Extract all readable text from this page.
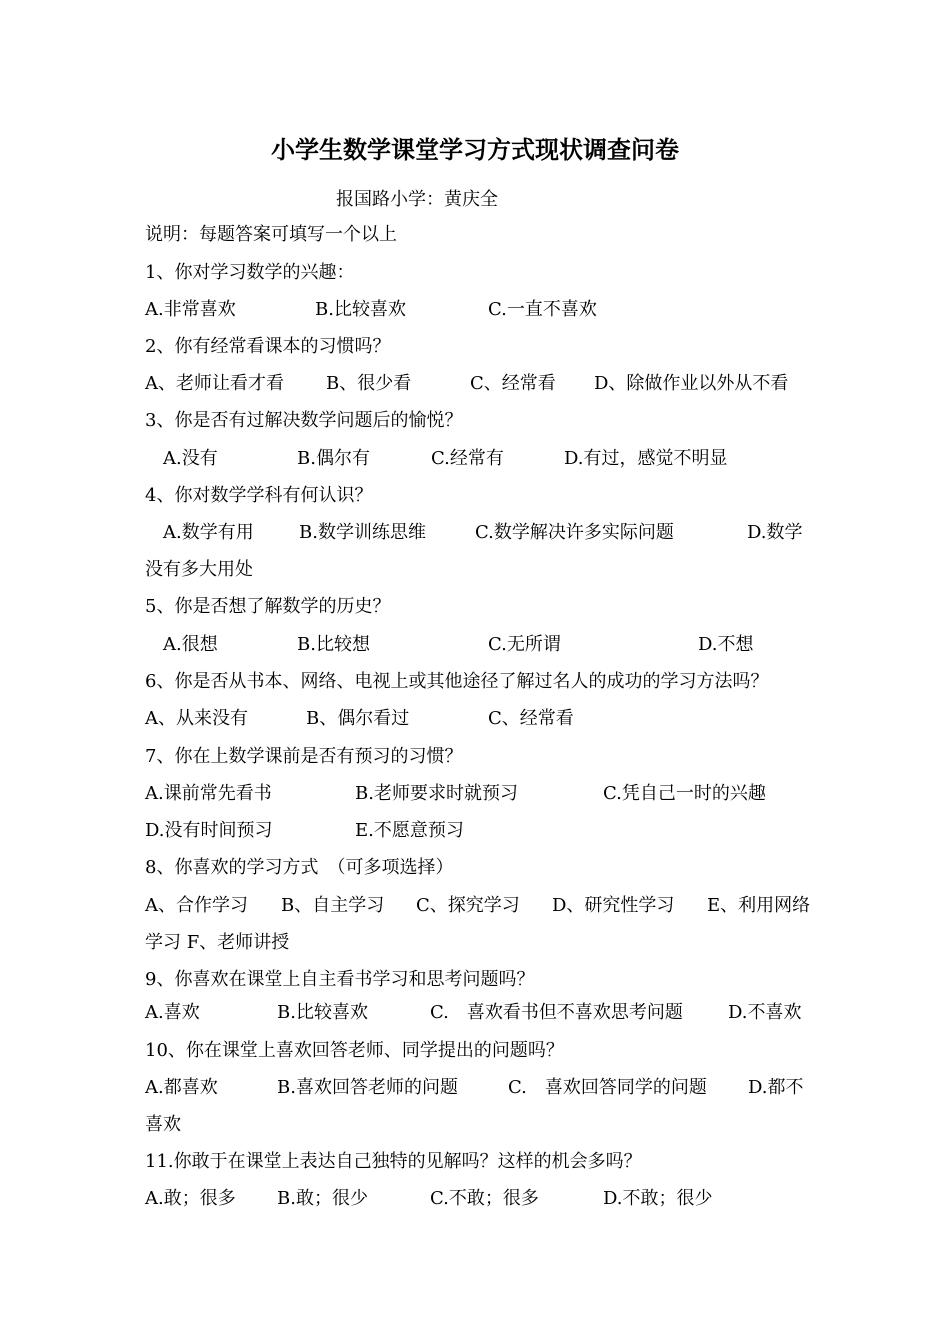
小学生数学课堂学习方式现状调查问卷
报国路小学：黄庆全
说明：每题答案可填写一个以上
1、你对学习数学的兴趣：
A.非常喜欢	B.比较喜欢	C.一直不喜欢
2、你有经常看课本的习惯吗？
A、老师让看才看 B、很少看	C、经常看 D、除做作业以外从不看
3、你是否有过解决数学问题后的愉悦？
A.没有	B.偶尔有	C.经常有	D.有过，感觉不明显
4、你对数学学科有何认识？
A.数学有用	B.数学训练思维	C.数学解决许多实际问题	D.数学
没有多大用处
5、你是否想了解数学的历史？
A.很想	B.比较想	C.无所谓	D.不想
6、你是否从书本、网络、电视上或其他途径了解过名人的成功的学习方法吗？
A、从来没有	B、偶尔看过	C、经常看
7、你在上数学课前是否有预习的习惯？
A.课前常先看书	B.老师要求时就预习	C.凭自己一时的兴趣
D.没有时间预习	E.不愿意预习
8、你喜欢的学习方式　（可多项选择）
A、合作学习 B、自主学习 C、探究学习 D、研究性学习 E、利用网络
学习 F、老师讲授
9、你喜欢在课堂上自主看书学习和思考问题吗？
A.喜欢	B.比较喜欢	C.　喜欢看书但不喜欢思考问题	D.不喜欢
10、你在课堂上喜欢回答老师、同学提出的问题吗？
A.都喜欢	B.喜欢回答老师的问题	C.　喜欢回答同学的问题 D.都不
喜欢
11.你敢于在课堂上表达自己独特的见解吗？这样的机会多吗？
A.敢；很多 B.敢；很少	C.不敢；很多	D.不敢；很少
